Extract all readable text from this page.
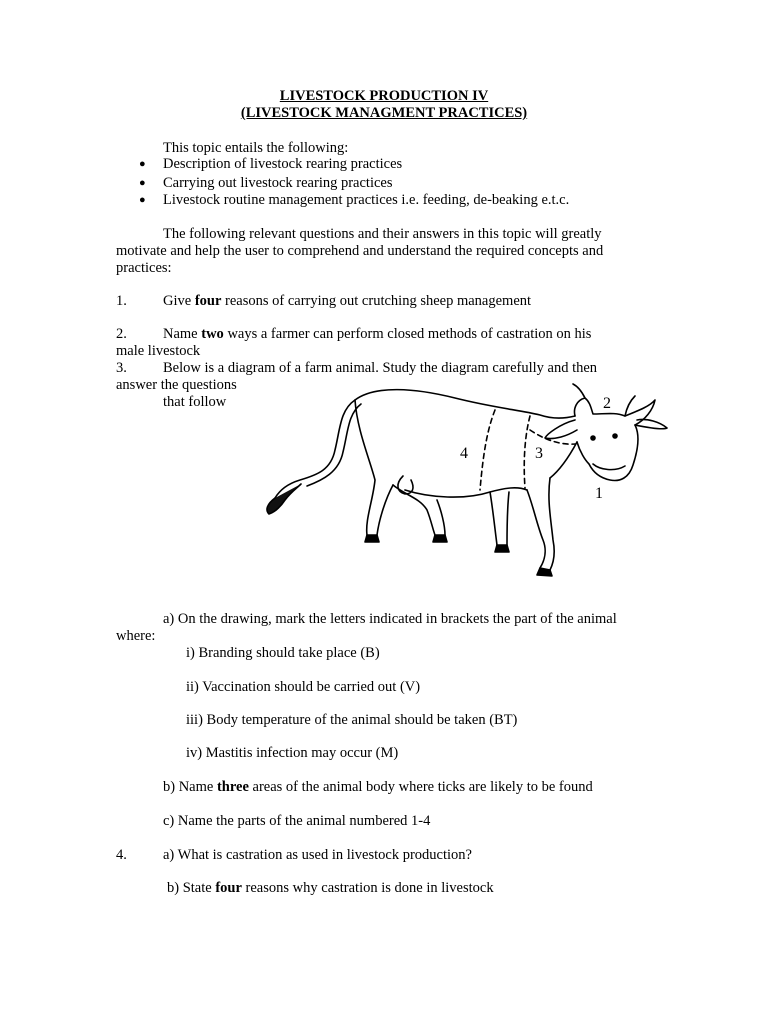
LIVESTOCK PRODUCTION IV
(LIVESTOCK MANAGMENT PRACTICES)
This topic entails the following:
● Description of livestock rearing practices
● Carrying out livestock rearing practices
● Livestock routine management practices i.e. feeding, de-beaking e.t.c.
The following relevant questions and their answers in this topic will greatly
motivate and help the user to comprehend and understand the required concepts and
practices:
1. Give four reasons of carrying out crutching sheep management
2. Name two ways a farmer can perform closed methods of castration on his
male livestock
3. Below is a diagram of a farm animal. Study the diagram carefully and then
answer the questions
that follow
4	3
1
2
a) On the drawing, mark the letters indicated in brackets the part of the animal
where:
i) Branding should take place (B)
ii) Vaccination should be carried out (V)
iii) Body temperature of the animal should be taken (BT)
iv) Mastitis infection may occur (M)
b) Name three areas of the animal body where ticks are likely to be found
c) Name the parts of the animal numbered 1-4
4. a) What is castration as used in livestock production?
b) State four reasons why castration is done in livestock
